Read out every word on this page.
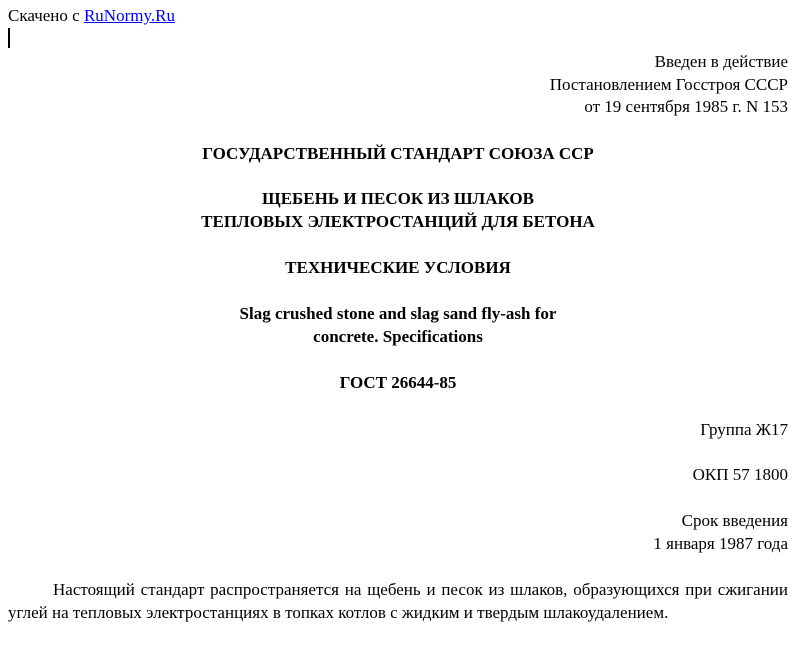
Скачено с RuNormy.Ru
Введен в действие
Постановлением Госстроя СССР
от 19 сентября 1985 г. N 153
ГОСУДАРСТВЕННЫЙ СТАНДАРТ СОЮЗА ССР
ЩЕБЕНЬ И ПЕСОК ИЗ ШЛАКОВ
ТЕПЛОВЫХ ЭЛЕКТРОСТАНЦИЙ ДЛЯ БЕТОНА
ТЕХНИЧЕСКИЕ УСЛОВИЯ
Slag crushed stone and slag sand fly-ash for
concrete. Specifications
ГОСТ 26644-85
Группа Ж17
ОКП 57 1800
Срок введения
1 января 1987 года

Настоящий стандарт распространяется на щебень и песок из шлаков, образующихся при сжигании углей на тепловых электростанциях в топках котлов с жидким и твердым шлакоудалением.
